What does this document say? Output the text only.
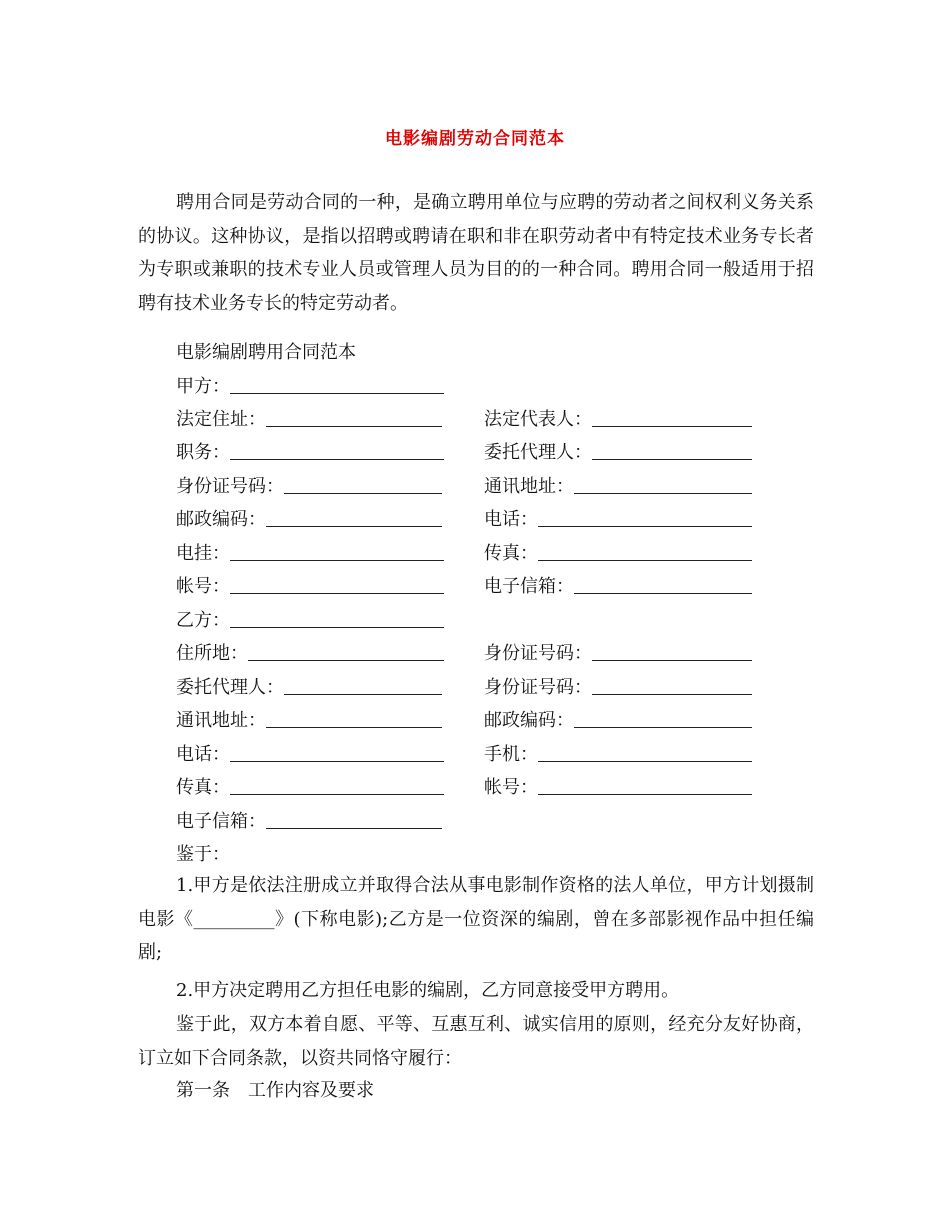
电影编剧劳动合同范本

聘用合同是劳动合同的一种，是确立聘用单位与应聘的劳动者之间权利义务关系的协议。这种协议，是指以招聘或聘请在职和非在职劳动者中有特定技术业务专长者为专职或兼职的技术专业人员或管理人员为目的的一种合同。聘用合同一般适用于招聘有技术业务专长的特定劳动者。

电影编剧聘用合同范本
甲方：
法定住址：	法定代表人：
职务：	委托代理人：
身份证号码：	通讯地址：
邮政编码：	电话：
电挂：	传真：
帐号：	电子信箱：
乙方：
住所地：	身份证号码：
委托代理人：	身份证号码：
通讯地址：	邮政编码：
电话：	手机：
传真：	帐号：
电子信箱：
鉴于：

1.甲方是依法注册成立并取得合法从事电影制作资格的法人单位，甲方计划摄制电影《_________》(下称电影);乙方是一位资深的编剧，曾在多部影视作品中担任编剧;

2.甲方决定聘用乙方担任电影的编剧，乙方同意接受甲方聘用。

鉴于此，双方本着自愿、平等、互惠互利、诚实信用的原则，经充分友好协商，订立如下合同条款，以资共同恪守履行：

第一条　工作内容及要求
